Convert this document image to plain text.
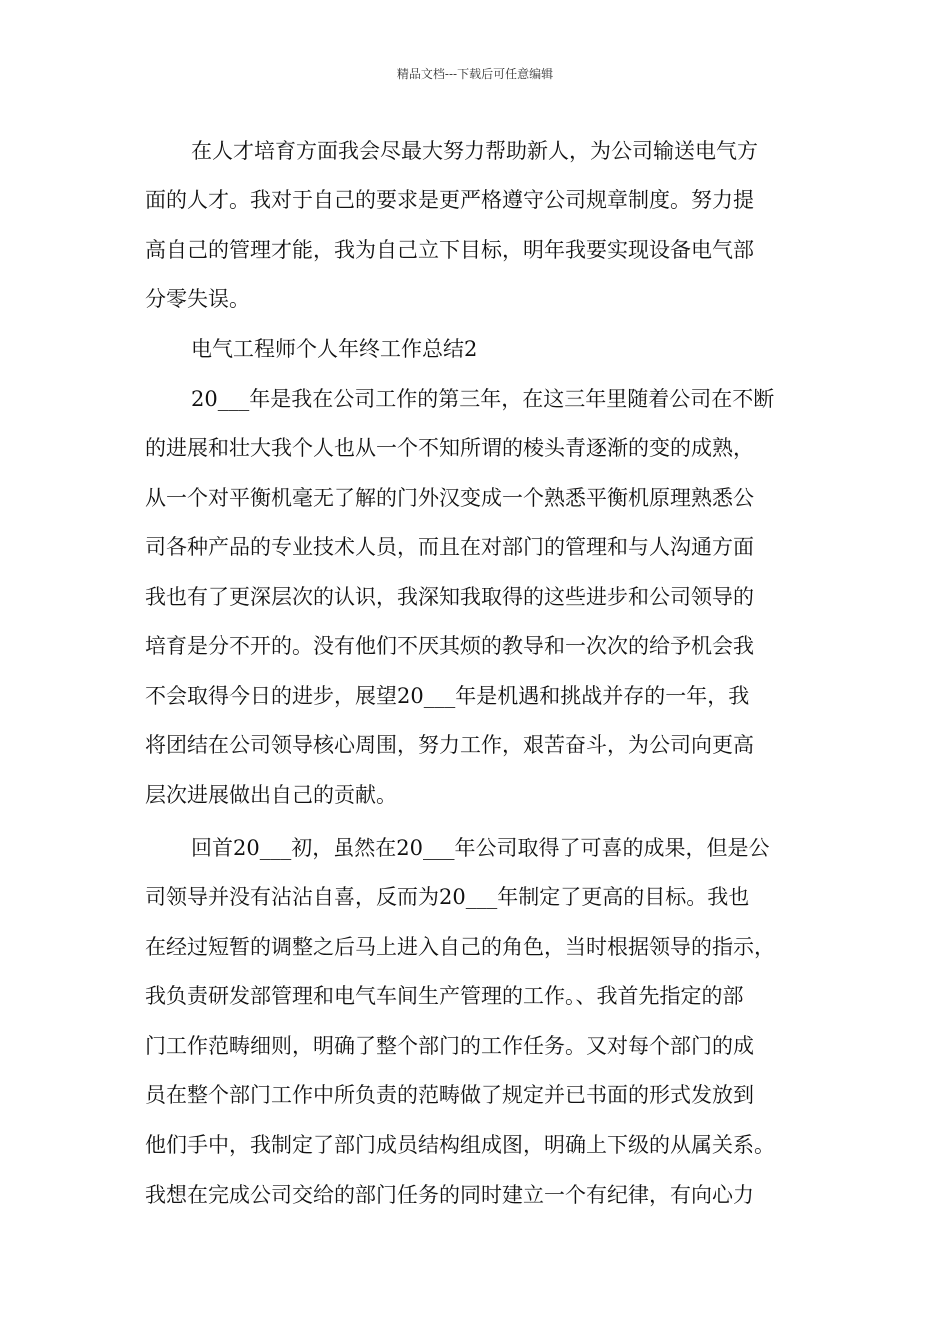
精品文档---下载后可任意编辑
在人才培育方面我会尽最大努力帮助新人，为公司输送电气方
面的人才。我对于自己的要求是更严格遵守公司规章制度。努力提
高自己的管理才能，我为自己立下目标，明年我要实现设备电气部
分零失误。
电气工程师个人年终工作总结2
20___年是我在公司工作的第三年，在这三年里随着公司在不断
的进展和壮大我个人也从一个不知所谓的棱头青逐渐的变的成熟，
从一个对平衡机毫无了解的门外汉变成一个熟悉平衡机原理熟悉公
司各种产品的专业技术人员，而且在对部门的管理和与人沟通方面
我也有了更深层次的认识，我深知我取得的这些进步和公司领导的
培育是分不开的。没有他们不厌其烦的教导和一次次的给予机会我
不会取得今日的进步，展望20___年是机遇和挑战并存的一年，我
将团结在公司领导核心周围，努力工作，艰苦奋斗，为公司向更高
层次进展做出自己的贡献。
回首20___初，虽然在20___年公司取得了可喜的成果，但是公
司领导并没有沾沾自喜，反而为20___年制定了更高的目标。我也
在经过短暂的调整之后马上进入自己的角色，当时根据领导的指示，
我负责研发部管理和电气车间生产管理的工作。、我首先指定的部
门工作范畴细则，明确了整个部门的工作任务。又对每个部门的成
员在整个部门工作中所负责的范畴做了规定并已书面的形式发放到
他们手中，我制定了部门成员结构组成图，明确上下级的从属关系。
我想在完成公司交给的部门任务的同时建立一个有纪律，有向心力
